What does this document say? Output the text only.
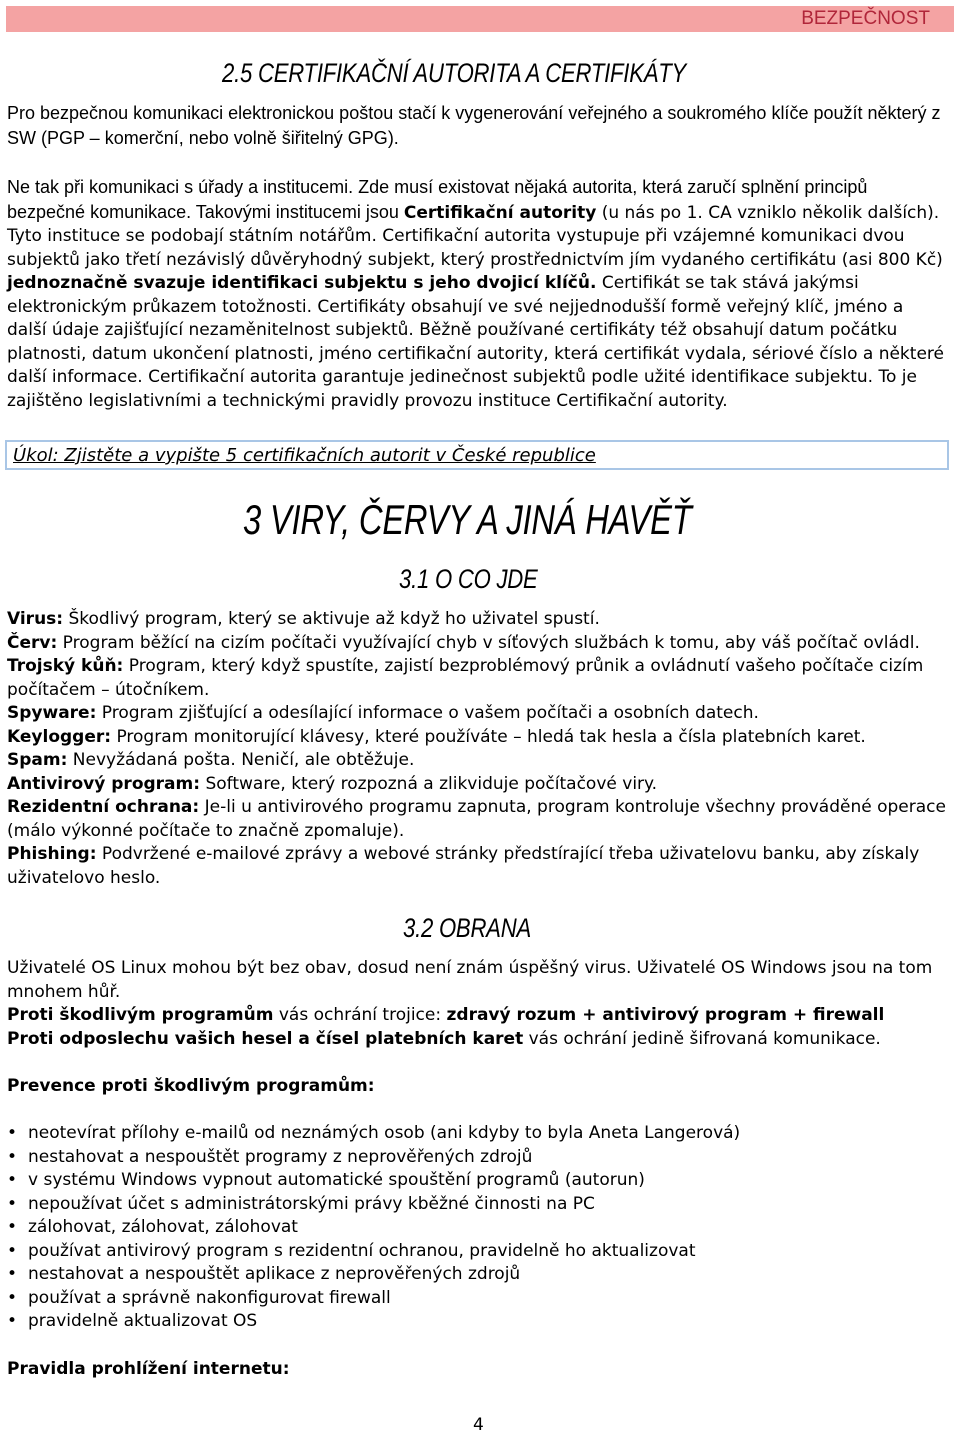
BEZPEČNOST
2.5 CERTIFIKAČNÍ AUTORITA A CERTIFIKÁTY
Pro bezpečnou komunikaci elektronickou poštou stačí k vygenerování veřejného a soukromého klíče použít některý z SW (PGP – komerční, nebo volně šiřitelný GPG).
Ne tak při komunikaci s úřady a institucemi. Zde musí existovat nějaká autorita, která zaručí splnění principů bezpečné komunikace. Takovými institucemi jsou Certifikační autority (u nás po 1. CA vzniklo několik dalších). Tyto instituce se podobají státním notářům. Certifikační autorita vystupuje při vzájemné komunikaci dvou subjektů jako třetí nezávislý důvěryhodný subjekt, který prostřednictvím jím vydaného certifikátu (asi 800 Kč) jednoznačně svazuje identifikaci subjektu s jeho dvojicí klíčů. Certifikát se tak stává jakýmsi elektronickým průkazem totožnosti. Certifikáty obsahují ve své nejjednodušší formě veřejný klíč, jméno a další údaje zajišťující nezaměnitelnost subjektů. Běžně používané certifikáty též obsahují datum počátku platnosti, datum ukončení platnosti, jméno certifikační autority, která certifikát vydala, sériové číslo a některé další informace. Certifikační autorita garantuje jedinečnost subjektů podle užité identifikace subjektu. To je zajištěno legislativními a technickými pravidly provozu instituce Certifikační autority.
Úkol: Zjistěte a vypište 5 certifikačních autorit v České republice
3 VIRY, ČERVY A JINÁ HAVĚŤ
3.1 O CO JDE
Virus: Škodlivý program, který se aktivuje až když ho uživatel spustí.
Červ: Program běžící na cizím počítači využívající chyb v síťových službách k tomu, aby váš počítač ovládl.
Trojský kůň: Program, který když spustíte, zajistí bezproblémový průnik a ovládnutí vašeho počítače cizím počítačem – útočníkem.
Spyware: Program zjišťující a odesílající informace o vašem počítači a osobních datech.
Keylogger: Program monitorující klávesy, které používáte – hledá tak hesla a čísla platebních karet.
Spam: Nevyžádaná pošta. Neničí, ale obtěžuje.
Antivirový program: Software, který rozpozná a zlikviduje počítačové viry.
Rezidentní ochrana: Je-li u antivirového programu zapnuta, program kontroluje všechny prováděné operace (málo výkonné počítače to značně zpomaluje).
Phishing: Podvržené e-mailové zprávy a webové stránky předstírající třeba uživatelovu banku, aby získaly uživatelovo heslo.
3.2 OBRANA
Uživatelé OS Linux mohou být bez obav, dosud není znám úspěšný virus. Uživatelé OS Windows jsou na tom mnohem hůř.
Proti škodlivým programům vás ochrání trojice: zdravý rozum + antivirový program + firewall
Proti odposlechu vašich hesel a čísel platebních karet vás ochrání jedině šifrovaná komunikace.
Prevence proti škodlivým programům:
• neotevírat přílohy e-mailů od neznámých osob (ani kdyby to byla Aneta Langerová)
• nestahovat a nespouštět programy z neprověřených zdrojů
• v systému Windows vypnout automatické spouštění programů (autorun)
• nepoužívat účet s administrátorskými právy kběžné činnosti na PC
• zálohovat, zálohovat, zálohovat
• používat antivirový program s rezidentní ochranou, pravidelně ho aktualizovat
• nestahovat a nespouštět aplikace z neprověřených zdrojů
• používat a správně nakonfigurovat firewall
• pravidelně aktualizovat OS
Pravidla prohlížení internetu:
4
